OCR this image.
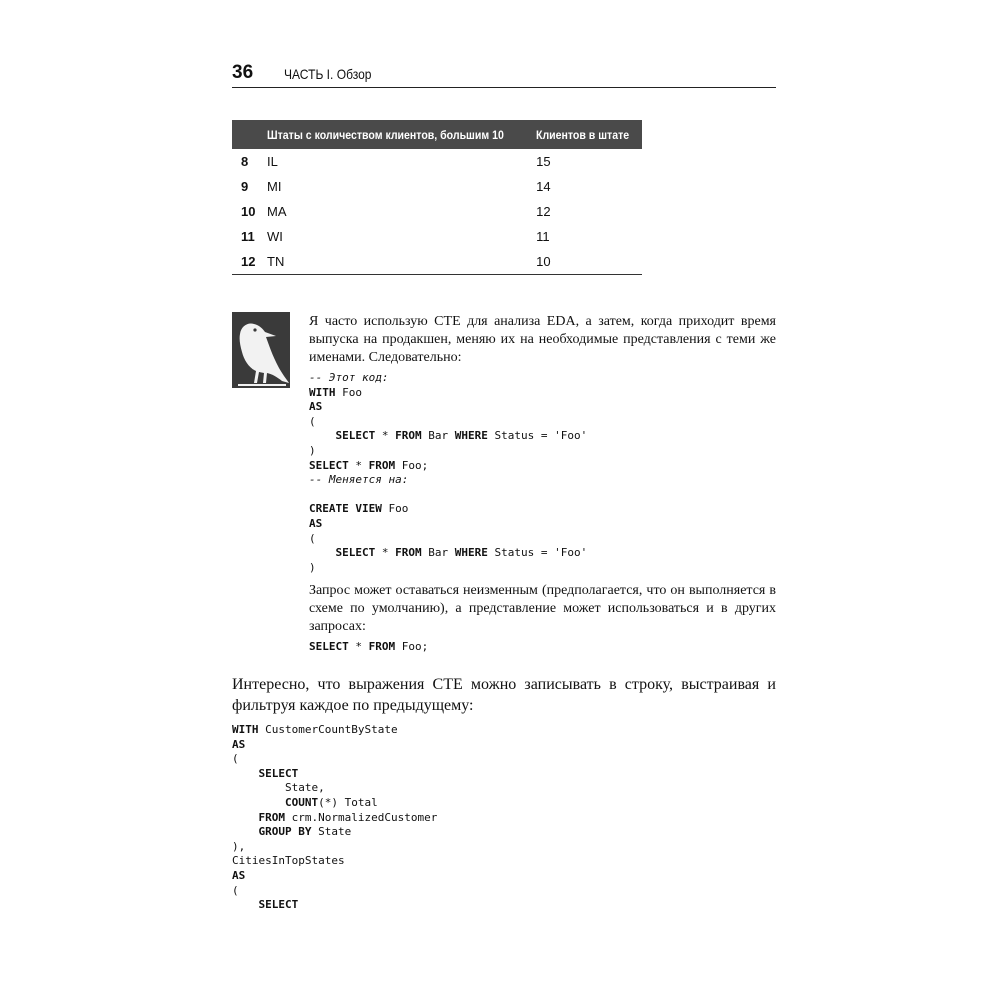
36 ЧАСТЬ I. Обзор
	Штаты с количеством клиентов, большим 10	Клиентов в штате
8	IL	15
9	MI	14
10	MA	12
11	WI	11
12	TN	10
Я часто использую CTE для анализа EDA, а затем, когда приходит время выпуска на продакшен, меняю их на необходимые представления с теми же именами. Следовательно:
-- Этот код:
WITH Foo
AS
(
SELECT * FROM Bar WHERE Status = 'Foo'
)
SELECT * FROM Foo;
-- Меняется на:

CREATE VIEW Foo
AS
(
SELECT * FROM Bar WHERE Status = 'Foo'
)
Запрос может оставаться неизменным (предполагается, что он выполняется в схеме по умолчанию), а представление может использоваться и в других запросах:
SELECT * FROM Foo;
Интересно, что выражения CTE можно записывать в строку, выстраивая и фильтруя каждое по предыдущему:
WITH CustomerCountByState
AS
(
SELECT
State,
COUNT(*) Total
FROM crm.NormalizedCustomer
GROUP BY State
),
CitiesInTopStates
AS
(
SELECT
